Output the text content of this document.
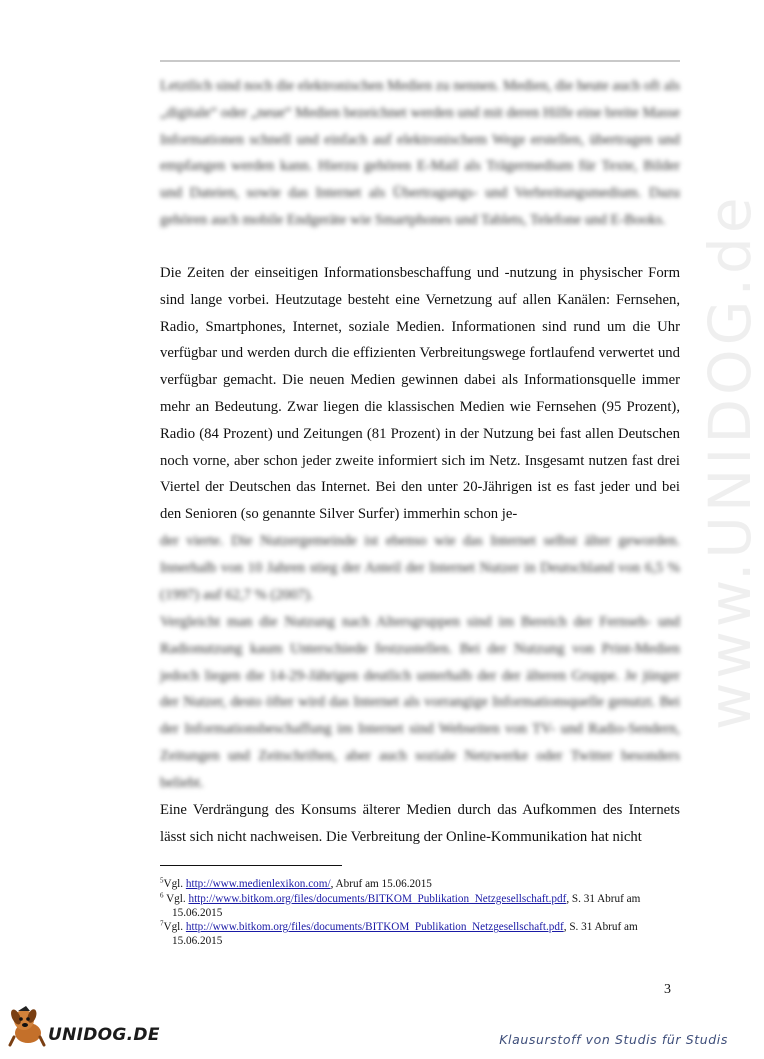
Letztlich sind noch die elektronischen Medien zu nennen. Medien, die heute auch oft als „digitale“ oder „neue“ Medien bezeichnet werden und mit deren Hilfe eine breite Masse Informationen schnell und einfach auf elektronischem Wege erstellen, übertragen und empfangen werden kann. Hierzu gehören E-Mail als Trägermedium für Texte, Bilder und Dateien, sowie das Internet als Übertragungs- und Verbreitungsmedium. Dazu gehören auch mobile Endgeräte wie Smartphones und Tablets, Telefone und E-Books.

Die Zeiten der einseitigen Informationsbeschaffung und -nutzung in physischer Form sind lange vorbei. Heutzutage besteht eine Vernetzung auf allen Kanälen: Fernsehen, Radio, Smartphones, Internet, soziale Medien. Informationen sind rund um die Uhr verfügbar und werden durch die effizienten Verbreitungswege fortlaufend verwertet und verfügbar gemacht. Die neuen Medien gewinnen dabei als Informationsquelle immer mehr an Bedeutung. Zwar liegen die klassischen Medien wie Fernsehen (95 Prozent), Radio (84 Prozent) und Zeitungen (81 Prozent) in der Nutzung bei fast allen Deutschen noch vorne, aber schon jeder zweite informiert sich im Netz. Insgesamt nutzen fast drei Viertel der Deutschen das Internet. Bei den unter 20-Jährigen ist es fast jeder und bei den Senioren (so genannte Silver Surfer) immerhin schon je-

der vierte. Die Nutzergemeinde ist ebenso wie das Internet selbst älter geworden. Innerhalb von 10 Jahren stieg der Anteil der Internet Nutzer in Deutschland von 6,5 % (1997) auf 62,7 % (2007).

Vergleicht man die Nutzung nach Altersgruppen sind im Bereich der Fernseh- und Radionutzung kaum Unterschiede festzustellen. Bei der Nutzung von Print-Medien jedoch liegen die 14-29-Jährigen deutlich unterhalb der der älteren Gruppe. Je jünger der Nutzer, desto öfter wird das Internet als vorrangige Informationsquelle genutzt. Bei der Informationsbeschaffung im Internet sind Webseiten von TV- und Radio-Sendern, Zeitungen und Zeitschriften, aber auch soziale Netzwerke oder Twitter besonders beliebt.

Eine Verdrängung des Konsums älterer Medien durch das Aufkommen des Internets lässt sich nicht nachweisen. Die Verbreitung der Online-Kommunikation hat nicht

$^5$Vgl. http://www.medienlexikon.com/, Abruf am 15.06.2015

$^6$ Vgl. http://www.bitkom.org/files/documents/BITKOM_Publikation_Netzgesellschaft.pdf, S. 31 Abruf am 15.06.2015

$^7$Vgl. http://www.bitkom.org/files/documents/BITKOM_Publikation_Netzgesellschaft.pdf, S. 31 Abruf am 15.06.2015

3
www.UNIDOG.de
UNIDOG.DE	Klausurstoff von Studis für Studis
